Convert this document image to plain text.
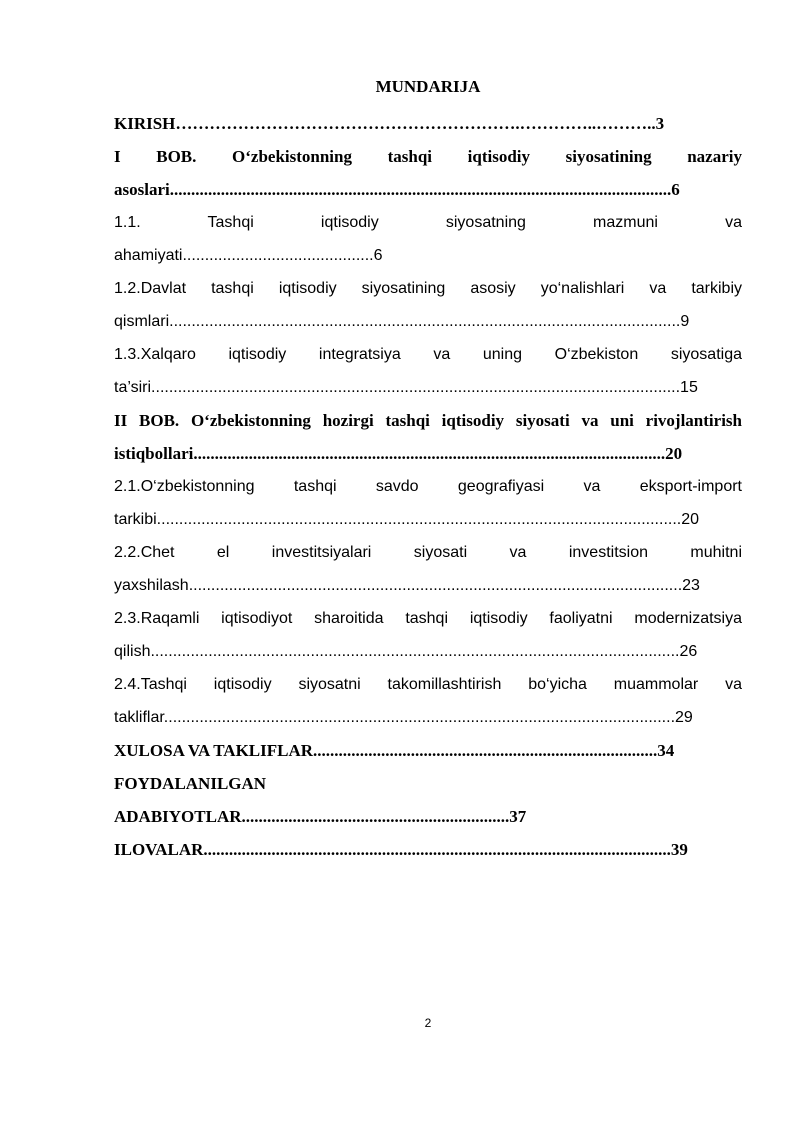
MUNDARIJA
KIRISH…………………………………………………….…………..………..3
I BOB. O‘zbekistonning tashqi iqtisodiy siyosatining nazariy
asoslari......................................................................................................................6
1.1. Tashqi iqtisodiy siyosatning mazmuni va
ahamiyati...........................................6
1.2.Davlat tashqi iqtisodiy siyosatining asosiy yo‘nalishlari va tarkibiy
qismlari...................................................................................................................9
1.3.Xalqaro iqtisodiy integratsiya va uning O‘zbekiston siyosatiga
ta’siri.......................................................................................................................15
II BOB. O‘zbekistonning hozirgi tashqi iqtisodiy siyosati va uni rivojlantirish
istiqbollari...............................................................................................................20
2.1.O‘zbekistonning tashqi savdo geografiyasi va eksport-import
tarkibi......................................................................................................................20
2.2.Chet el investitsiyalari siyosati va investitsion muhitni
yaxshilash...............................................................................................................23
2.3.Raqamli iqtisodiyot sharoitida tashqi iqtisodiy faoliyatni modernizatsiya
qilish.......................................................................................................................26
2.4.Tashqi iqtisodiy siyosatni takomillashtirish bo‘yicha muammolar va
takliflar...................................................................................................................29
XULOSA VA TAKLIFLAR.................................................................................34
FOYDALANILGAN
ADABIYOTLAR...............................................................37
ILOVALAR..............................................................................................................39
2
